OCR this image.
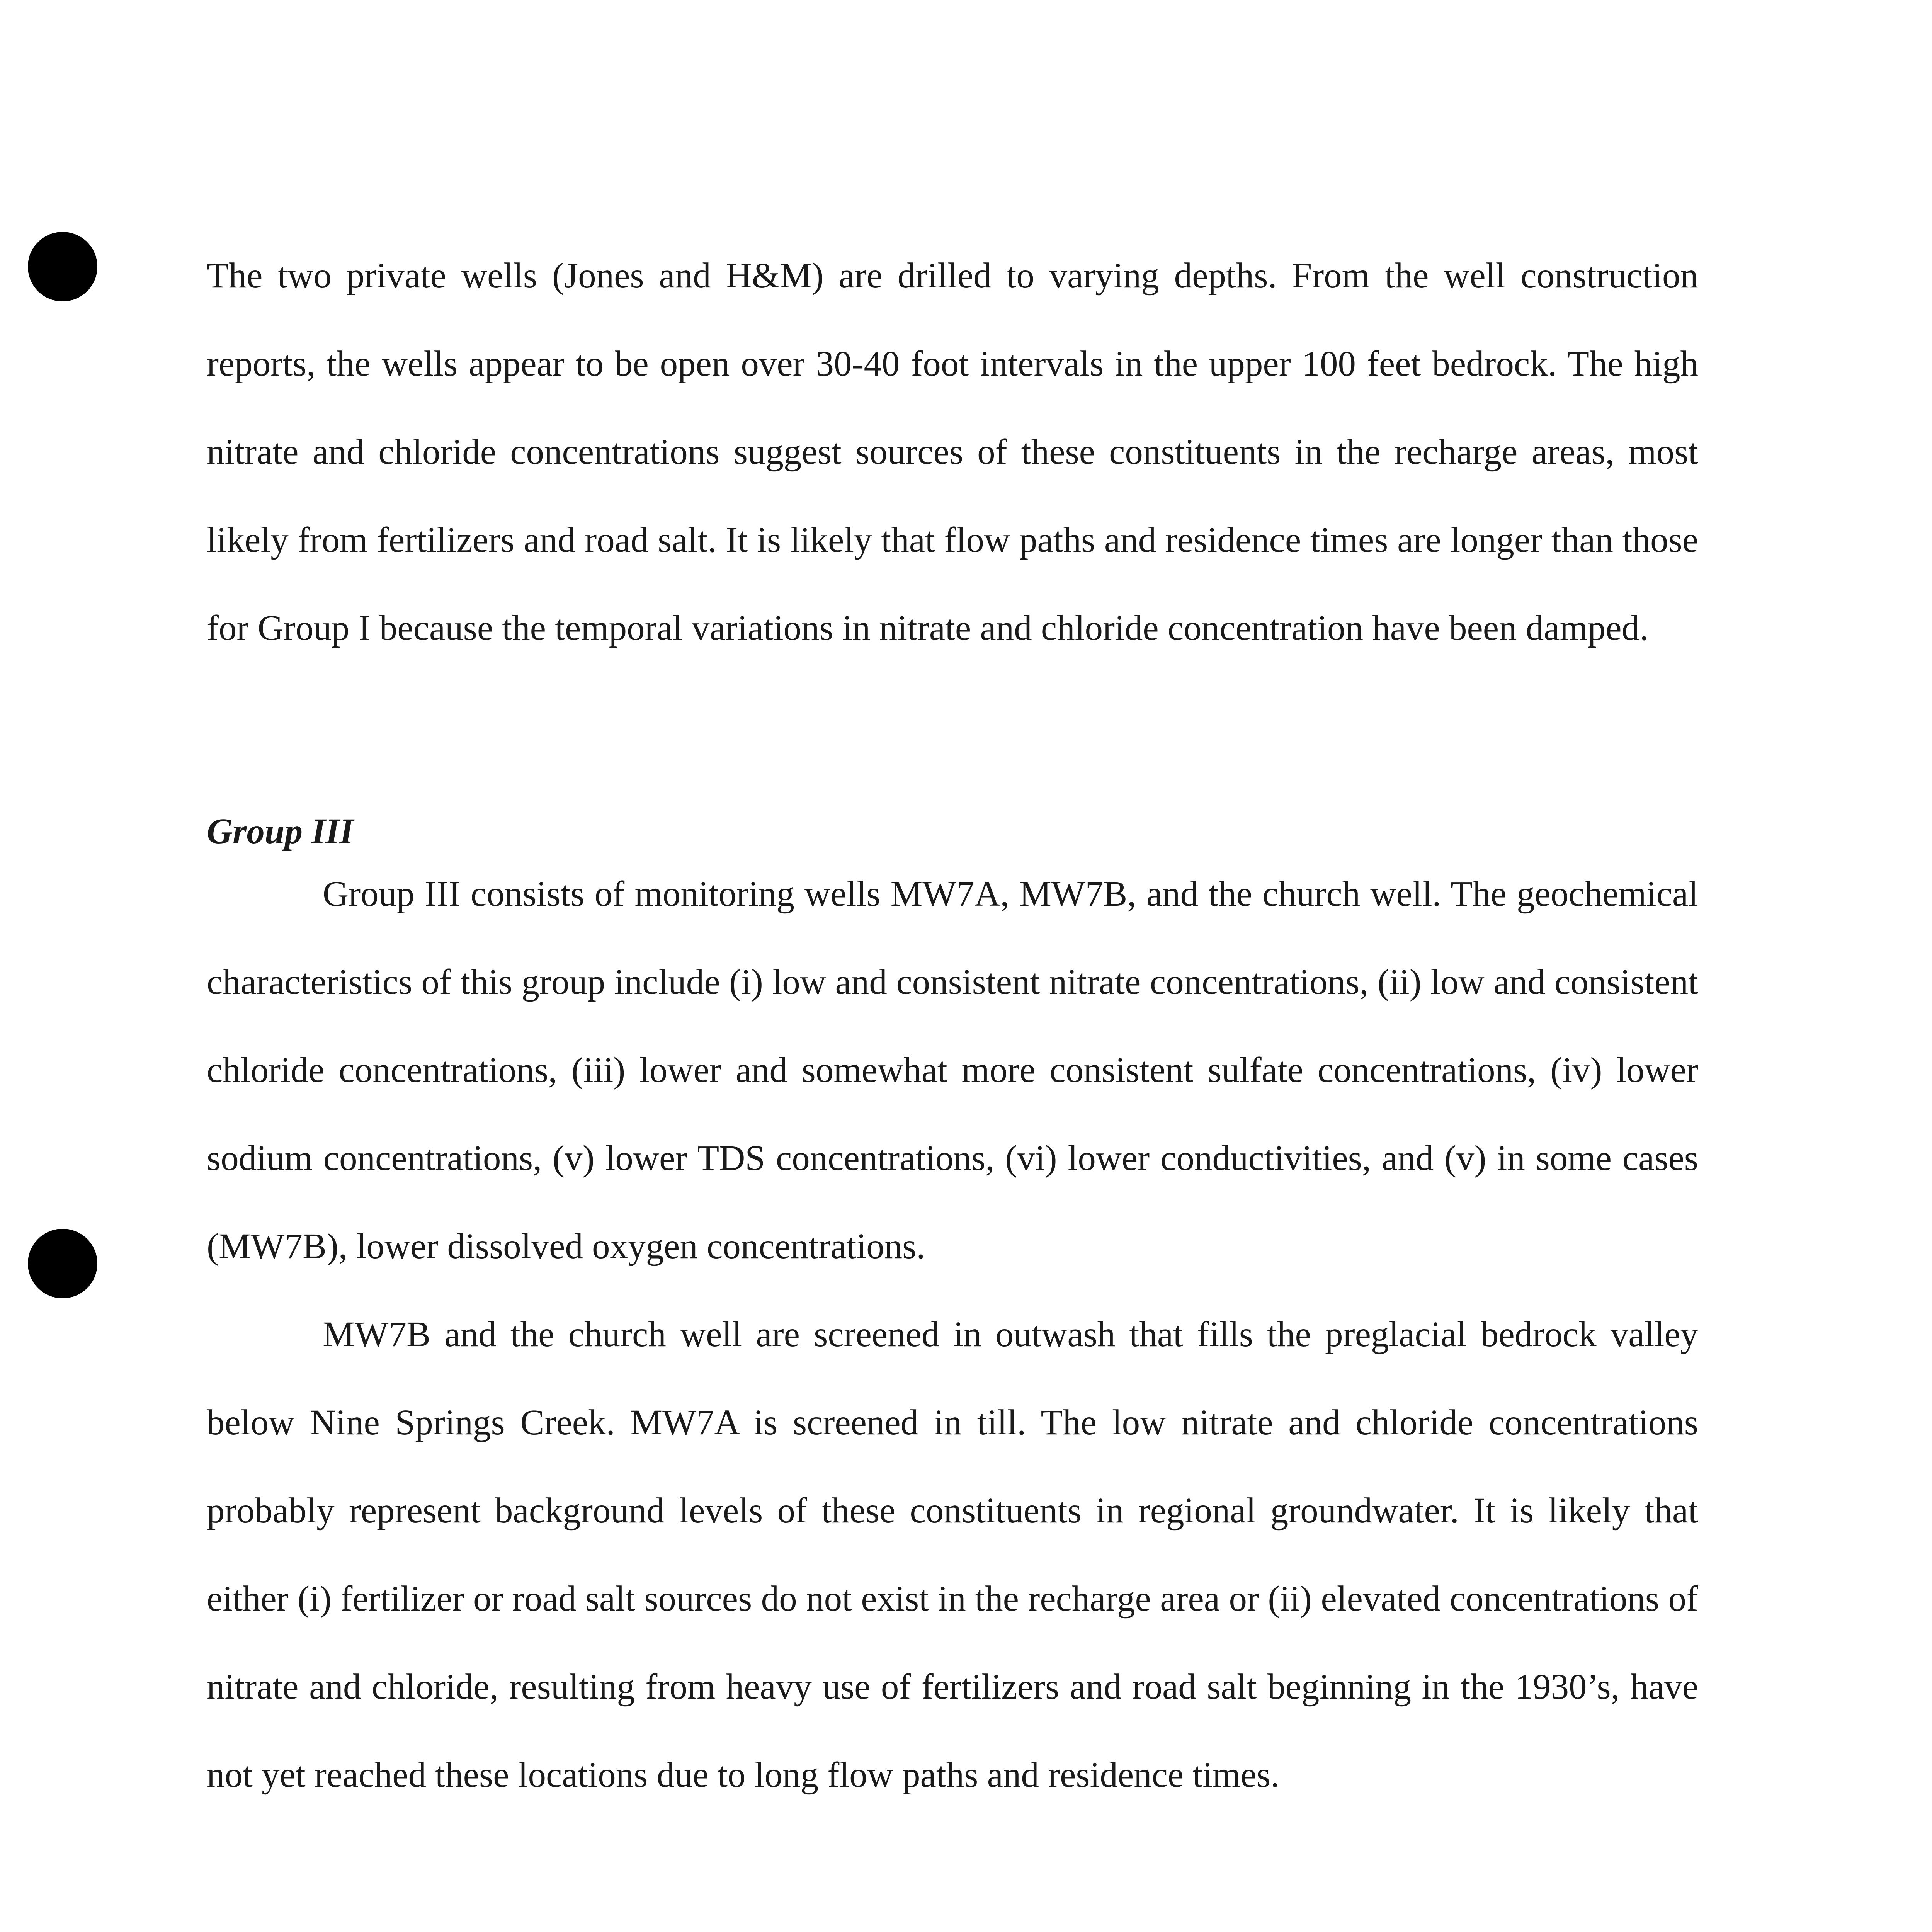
The two private wells (Jones and H&M) are drilled to varying depths. From the well construction reports, the wells appear to be open over 30-40 foot intervals in the upper 100 feet bedrock. The high nitrate and chloride concentrations suggest sources of these constituents in the recharge areas, most likely from fertilizers and road salt. It is likely that flow paths and residence times are longer than those for Group I because the temporal variations in nitrate and chloride concentration have been damped.

Group III

Group III consists of monitoring wells MW7A, MW7B, and the church well. The geochemical characteristics of this group include (i) low and consistent nitrate concentrations, (ii) low and consistent chloride concentrations, (iii) lower and somewhat more consistent sulfate concentrations, (iv) lower sodium concentrations, (v) lower TDS concentrations, (vi) lower conductivities, and (v) in some cases (MW7B), lower dissolved oxygen concentrations.

MW7B and the church well are screened in outwash that fills the preglacial bedrock valley below Nine Springs Creek. MW7A is screened in till. The low nitrate and chloride concentrations probably represent background levels of these constituents in regional groundwater. It is likely that either (i) fertilizer or road salt sources do not exist in the recharge area or (ii) elevated concentrations of nitrate and chloride, resulting from heavy use of fertilizers and road salt beginning in the 1930’s, have not yet reached these locations due to long flow paths and residence times.
